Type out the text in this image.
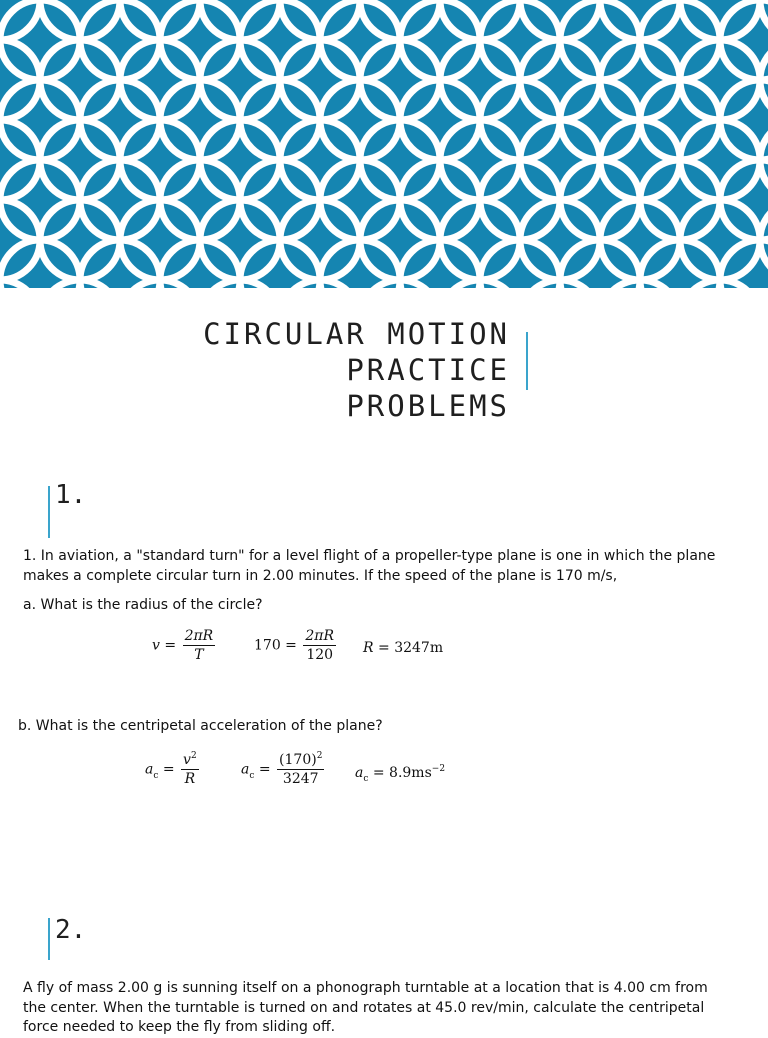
CIRCULAR MOTION PRACTICE
PROBLEMS
1.
1. In aviation, a "standard turn" for a level flight of a propeller-type plane is one in which the plane
makes a complete circular turn in 2.00 minutes. If the speed of the plane is 170 m/s,
a. What is the radius of the circle?
$v = \frac{2\pi R}{T}$	$170 = \frac{2\pi R}{120}$ R = 3247m
b. What is the centripetal acceleration of the plane?
$a_c = \frac{v^2}{R}$	$a_c = \frac{(170)^2}{3247} a_c = 8.9ms^{-2}$
2.
A fly of mass 2.00 g is sunning itself on a phonograph turntable at a location that is 4.00 cm from
the center. When the turntable is turned on and rotates at 45.0 rev/min, calculate the centripetal
force needed to keep the fly from sliding off.
